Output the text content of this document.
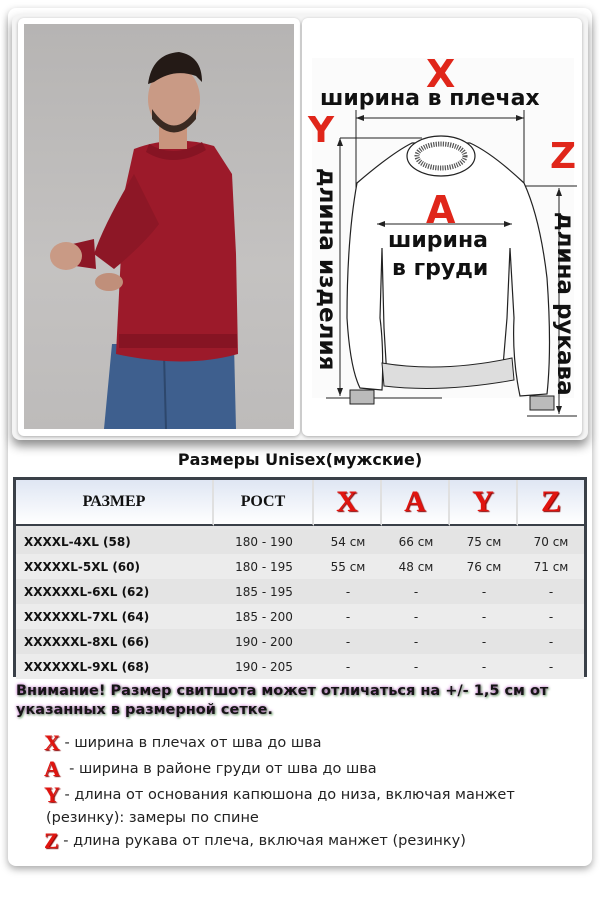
X
ширина в плечах
Y
длина изделия
Z
длина рукава
A
ширина
в груди
Размеры Unisex(мужские)
РАЗМЕР	РОСТ	X	A	Y	Z
XXXXL-4XL (58)	180 - 190	54 см	66 см	75 см	70 см
XXXXXL-5XL (60)	180 - 195	55 см	48 см	76 см	71 см
XXXXXXL-6XL (62)	185 - 195	-	-	-	-
XXXXXXL-7XL (64)	185 - 200	-	-	-	-
XXXXXXL-8XL (66)	190 - 200	-	-	-	-
XXXXXXL-9XL (68)	190 - 205	-	-	-	-
Внимание! Размер свитшота может отличаться на +/- 1,5 см от указанных в размерной сетке.
X - ширина в плечах от шва до шва
A  - ширина в районе груди от шва до шва
Y - длина от основания капюшона до низа, включая манжет
(резинку): замеры по спине
Z - длина рукава от плеча, включая манжет (резинку)
